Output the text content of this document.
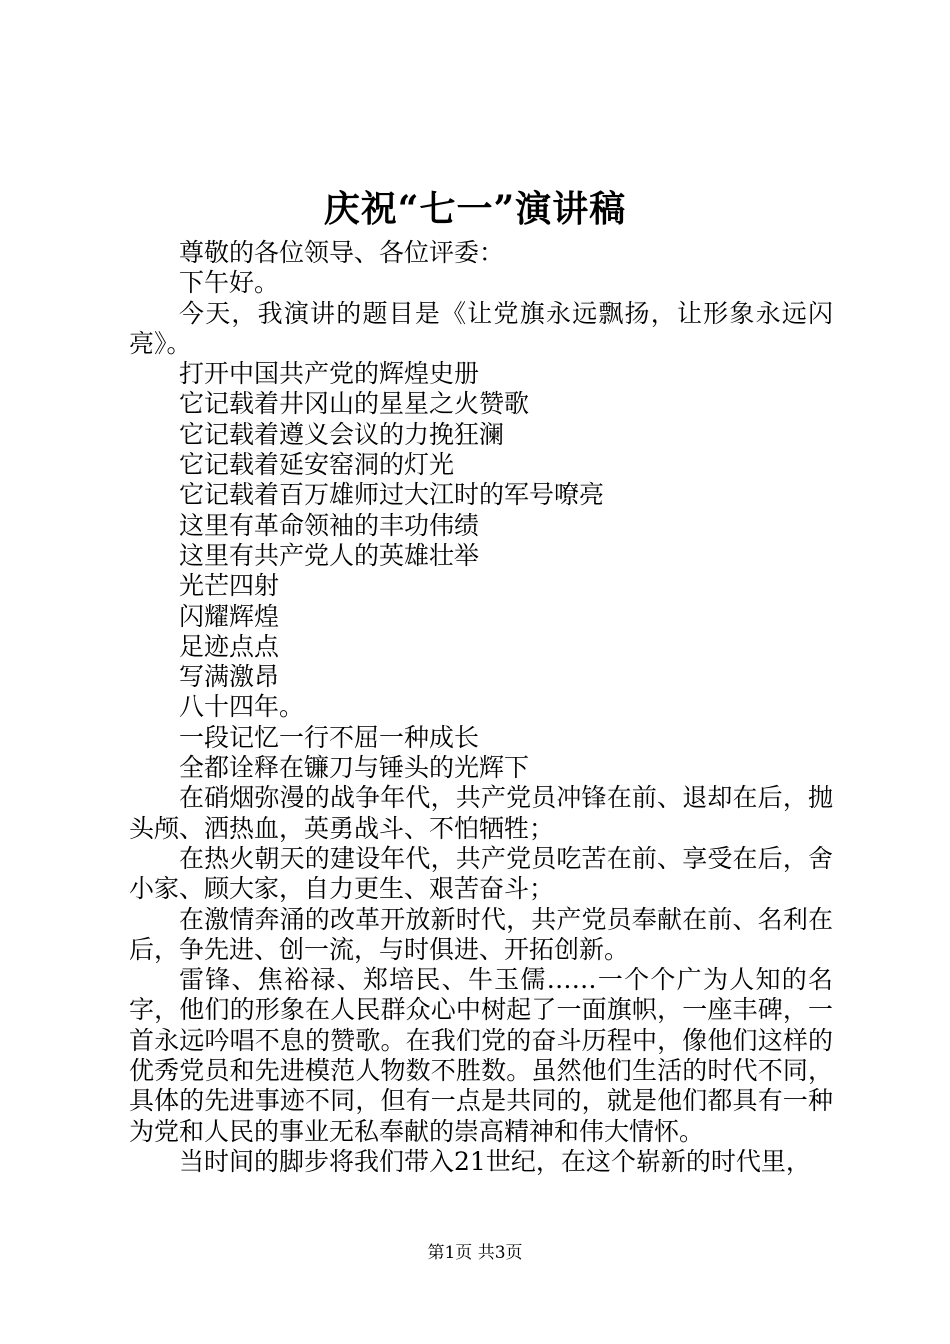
庆祝“七一”演讲稿

尊敬的各位领导、各位评委：

下午好。

今天，我演讲的题目是《让党旗永远飘扬，让形象永远闪亮》。

打开中国共产党的辉煌史册

它记载着井冈山的星星之火赞歌

它记载着遵义会议的力挽狂澜

它记载着延安窑洞的灯光

它记载着百万雄师过大江时的军号嘹亮

这里有革命领袖的丰功伟绩

这里有共产党人的英雄壮举

光芒四射

闪耀辉煌

足迹点点

写满激昂

八十四年。

一段记忆一行不屈一种成长

全都诠释在镰刀与锤头的光辉下

在硝烟弥漫的战争年代，共产党员冲锋在前、退却在后，抛头颅、洒热血，英勇战斗、不怕牺牲；

在热火朝天的建设年代，共产党员吃苦在前、享受在后，舍小家、顾大家，自力更生、艰苦奋斗；

在激情奔涌的改革开放新时代，共产党员奉献在前、名利在后，争先进、创一流，与时俱进、开拓创新。

雷锋、焦裕禄、郑培民、牛玉儒……一个个广为人知的名字，他们的形象在人民群众心中树起了一面旗帜，一座丰碑，一首永远吟唱不息的赞歌。在我们党的奋斗历程中，像他们这样的优秀党员和先进模范人物数不胜数。虽然他们生活的时代不同，具体的先进事迹不同，但有一点是共同的，就是他们都具有一种为党和人民的事业无私奉献的崇高精神和伟大情怀。

当时间的脚步将我们带入21世纪，在这个崭新的时代里，

第1页 共3页
